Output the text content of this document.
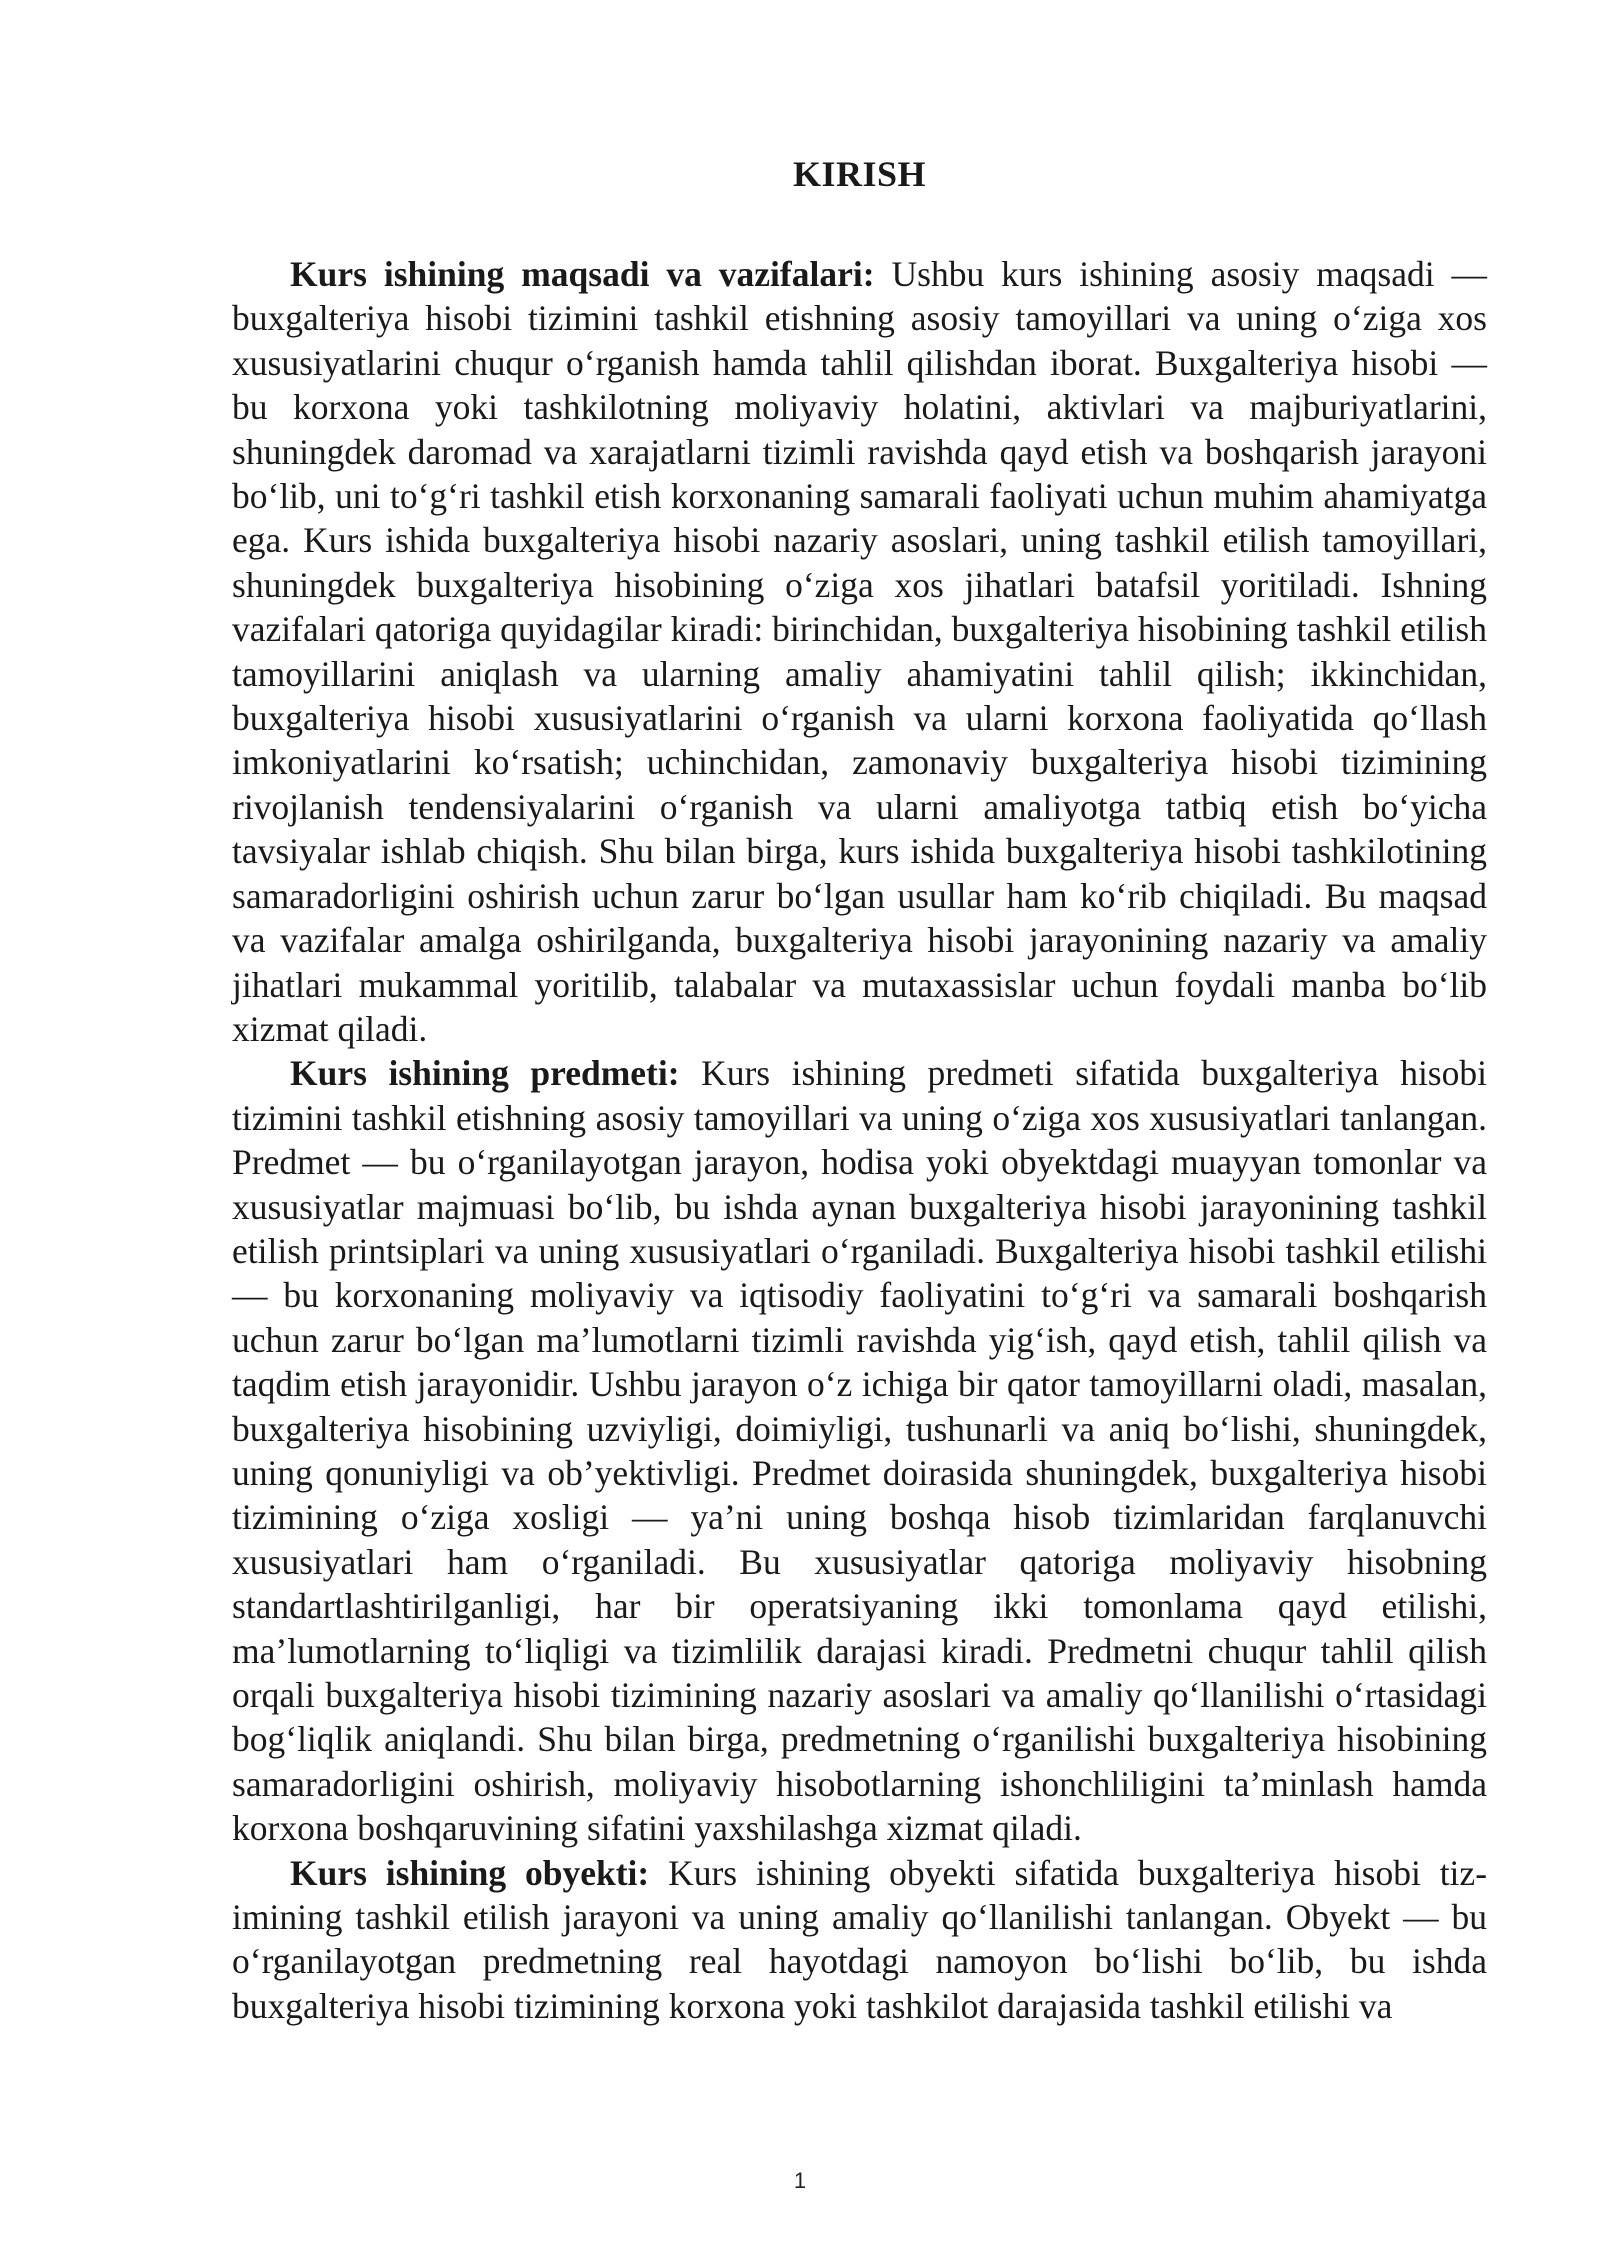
KIRISH

Kurs ishining maqsadi va vazifalari: Ushbu kurs ishining asosiy maqsadi — buxgalteriya hisobi tizimini tashkil etishning asosiy tamoyillari va uning o‘ziga xos xususiyatlarini chuqur o‘rganish hamda tahlil qilishdan iborat. Buxgalteriya hisobi — bu korxona yoki tashkilotning moliyaviy holatini, aktivlari va majburiyatlarini, shuningdek daromad va xarajatlarni tizimli ravishda qayd etish va boshqarish jarayoni bo‘lib, uni to‘g‘ri tashkil etish korxonaning samarali faoliyati uchun muhim ahamiyatga ega. Kurs ishida buxgalteriya hisobi nazariy asoslari, uning tashkil etilish tamoyillari, shuningdek buxgalteriya hisobining o‘ziga xos jihatlari batafsil yoritiladi. Ishning vazifalari qatoriga quyidagilar kiradi: birinchidan, buxgalteriya hisobining tashkil etilish tamoyillarini aniqlash va ularning amaliy ahamiyatini tahlil qilish; ikkinchidan, buxgalteriya hisobi xususiyatlarini o‘rganish va ularni korxona faoliyatida qo‘llash imkoniyatlarini ko‘rsatish; uchinchidan, zamonaviy buxgalteriya hisobi tizimining rivojlanish tendensiyalarini o‘rganish va ularni amaliyotga tatbiq etish bo‘yicha tavsiyalar ishlab chiqish. Shu bilan birga, kurs ishida buxgalteriya hisobi tashkilotining samaradorligini oshirish uchun zarur bo‘lgan usullar ham ko‘rib chiqiladi. Bu maqsad va vazifalar amalga oshirilganda, buxgalteriya hisobi jarayonining nazariy va amaliy jihatlari mukammal yoritilib, talabalar va mutaxassislar uchun foydali manba bo‘lib xizmat qiladi.

Kurs ishining predmeti: Kurs ishining predmeti sifatida buxgalteriya hisobi tizimini tashkil etishning asosiy tamoyillari va uning o‘ziga xos xususiyatlari tanlangan. Predmet — bu o‘rganilayotgan jarayon, hodisa yoki obyektdagi muayyan tomonlar va xususiyatlar majmuasi bo‘lib, bu ishda aynan buxgalteriya hisobi jarayonining tashkil etilish printsiplari va uning xususiyatlari o‘rganiladi. Buxgalteriya hisobi tashkil etilishi — bu korxonaning moliyaviy va iqtisodiy faoliyatini to‘g‘ri va samarali boshqarish uchun zarur bo‘lgan ma’lumotlarni tizimli ravishda yig‘ish, qayd etish, tahlil qilish va taqdim etish jarayonidir. Ushbu jarayon o‘z ichiga bir qator tamoyillarni oladi, masalan, buxgalteriya hisobining uzviyligi, doimiyligi, tushunarli va aniq bo‘lishi, shuningdek, uning qonuniyligi va ob’yektivligi. Predmet doirasida shuningdek, buxgalteriya hisobi tizimining o‘ziga xosligi — ya’ni uning boshqa hisob tizimlaridan farqlanuvchi xususiyatlari ham o‘rganiladi. Bu xususiyatlar qatoriga moliyaviy hisobning standartlashtirilganligi, har bir operatsiyaning ikki tomonlama qayd etilishi, ma’lumotlarning to‘liqligi va tizimlilik darajasi kiradi. Predmetni chuqur tahlil qilish orqali buxgalteriya hisobi tizimining nazariy asoslari va amaliy qo‘llanilishi o‘rtasidagi bog‘liqlik aniqlandi. Shu bilan birga, predmetning o‘rganilishi buxgalteriya hisobining samaradorligini oshirish, moliyaviy hisobotlarning ishonchliligini ta’minlash hamda korxona boshqaruvining sifatini yaxshilashga xizmat qiladi.

Kurs ishining obyekti: Kurs ishining obyekti sifatida buxgalteriya hisobi tizimining tashkil etilish jarayoni va uning amaliy qo‘llanilishi tanlangan. Obyekt — bu o‘rganilayotgan predmetning real hayotdagi namoyon bo‘lishi bo‘lib, bu ishda buxgalteriya hisobi tizimining korxona yoki tashkilot darajasida tashkil etilishi va

1
